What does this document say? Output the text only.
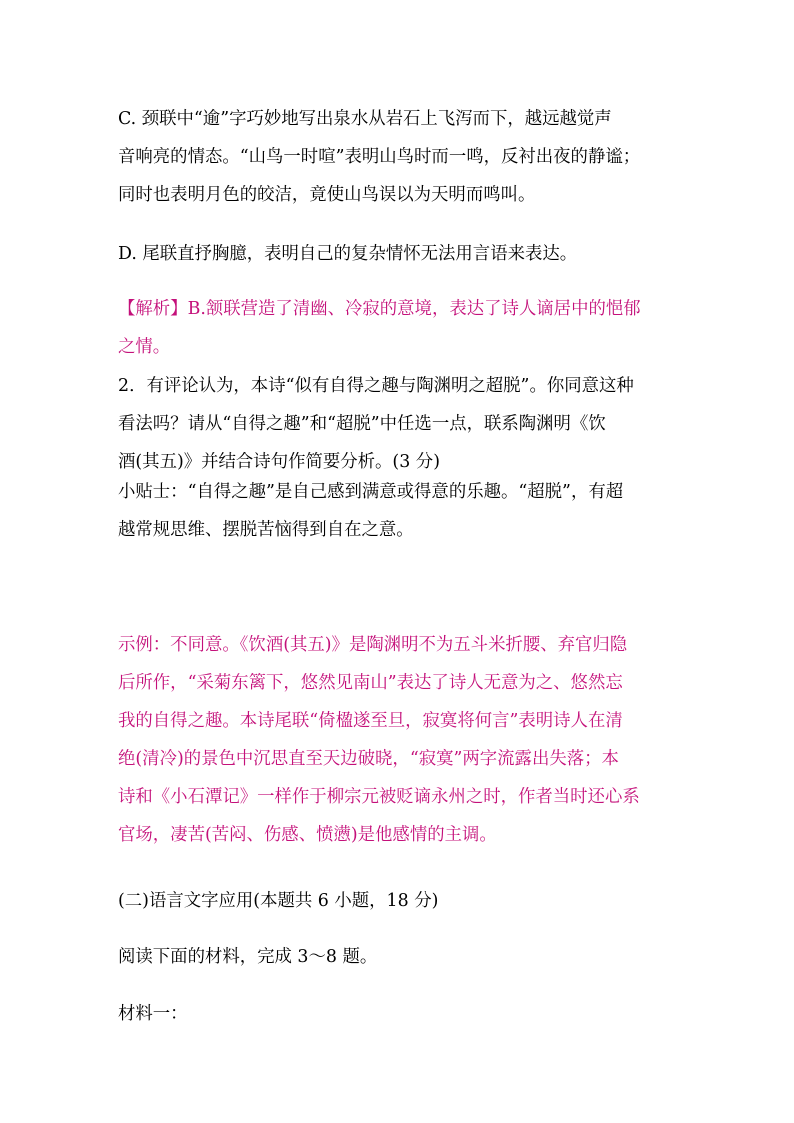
C. 颈联中“逾”字巧妙地写出泉水从岩石上飞泻而下，越远越觉声
音响亮的情态。“山鸟一时喧”表明山鸟时而一鸣，反衬出夜的静谧；
同时也表明月色的皎洁，竟使山鸟误以为天明而鸣叫。
D. 尾联直抒胸臆，表明自己的复杂情怀无法用言语来表达。
【解析】B.颔联营造了清幽、冷寂的意境，表达了诗人谪居中的悒郁
之情。
2．有评论认为，本诗“似有自得之趣与陶渊明之超脱”。你同意这种
看法吗？请从“自得之趣”和“超脱”中任选一点，联系陶渊明《饮
酒(其五)》并结合诗句作简要分析。(3 分)
小贴士：“自得之趣”是自己感到满意或得意的乐趣。“超脱”，有超
越常规思维、摆脱苦恼得到自在之意。
示例：不同意。《饮酒(其五)》是陶渊明不为五斗米折腰、弃官归隐
后所作，“采菊东篱下，悠然见南山”表达了诗人无意为之、悠然忘
我的自得之趣。本诗尾联“倚楹遂至旦，寂寞将何言”表明诗人在清
绝(清冷)的景色中沉思直至天边破晓，“寂寞”两字流露出失落；本
诗和《小石潭记》一样作于柳宗元被贬谪永州之时，作者当时还心系
官场，凄苦(苦闷、伤感、愤懑)是他感情的主调。
(二)语言文字应用(本题共 6 小题，18 分)
阅读下面的材料，完成 3～8 题。
材料一：
